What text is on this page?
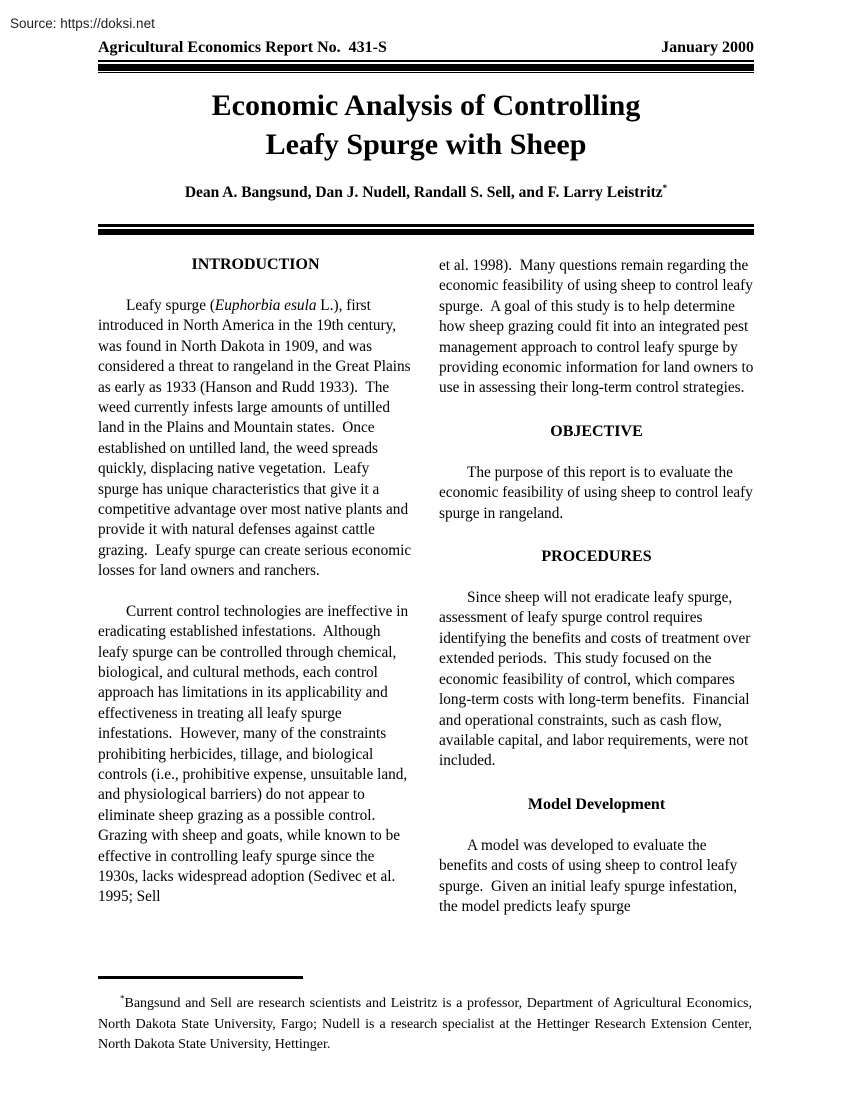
Source: https://doksi.net
Agricultural Economics Report No.  431-S	January 2000
Economic Analysis of Controlling
Leafy Spurge with Sheep
Dean A. Bangsund, Dan J. Nudell, Randall S. Sell, and F. Larry Leistritz*
INTRODUCTION

Leafy spurge (Euphorbia esula L.), first introduced in North America in the 19th century, was found in North Dakota in 1909, and was considered a threat to rangeland in the Great Plains as early as 1933 (Hanson and Rudd 1933).  The weed currently infests large amounts of untilled land in the Plains and Mountain states.  Once established on untilled land, the weed spreads quickly, displacing native vegetation.  Leafy spurge has unique characteristics that give it a competitive advantage over most native plants and provide it with natural defenses against cattle grazing.  Leafy spurge can create serious economic losses for land owners and ranchers.

Current control technologies are ineffective in eradicating established infestations.  Although leafy spurge can be controlled through chemical, biological, and cultural methods, each control approach has limitations in its applicability and effectiveness in treating all leafy spurge infestations.  However, many of the constraints prohibiting herbicides, tillage, and biological controls (i.e., prohibitive expense, unsuitable land, and physiological barriers) do not appear to eliminate sheep grazing as a possible control.  Grazing with sheep and goats, while known to be effective in controlling leafy spurge since the 1930s, lacks widespread adoption (Sedivec et al. 1995; Sell

et al. 1998).  Many questions remain regarding the economic feasibility of using sheep to control leafy spurge.  A goal of this study is to help determine how sheep grazing could fit into an integrated pest management approach to control leafy spurge by providing economic information for land owners to use in assessing their long-term control strategies.

OBJECTIVE

The purpose of this report is to evaluate the economic feasibility of using sheep to control leafy spurge in rangeland.

PROCEDURES

Since sheep will not eradicate leafy spurge, assessment of leafy spurge control requires identifying the benefits and costs of treatment over extended periods.  This study focused on the economic feasibility of control, which compares long-term costs with long-term benefits.  Financial and operational constraints, such as cash flow, available capital, and labor requirements, were not included.

Model Development

A model was developed to evaluate the benefits and costs of using sheep to control leafy spurge.  Given an initial leafy spurge infestation, the model predicts leafy spurge

*Bangsund and Sell are research scientists and Leistritz is a professor, Department of Agricultural Economics, North Dakota State University, Fargo; Nudell is a research specialist at the Hettinger Research Extension Center, North Dakota State University, Hettinger.
